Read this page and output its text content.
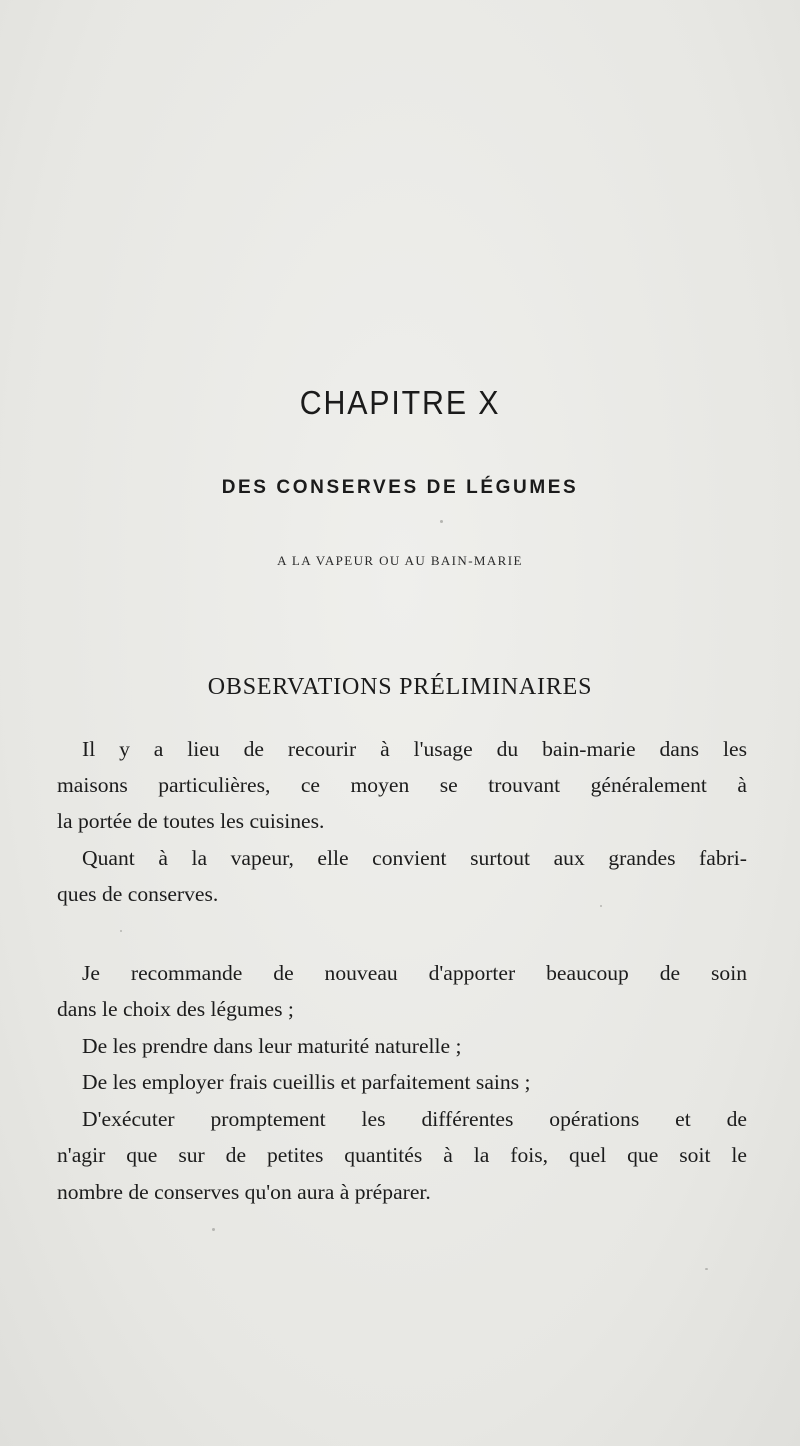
CHAPITRE X
DES CONSERVES DE LÉGUMES
A LA VAPEUR OU AU BAIN-MARIE
OBSERVATIONS PRÉLIMINAIRES
Il y a lieu de recourir à l'usage du bain-marie dans les
maisons particulières, ce moyen se trouvant généralement à
la portée de toutes les cuisines.
Quant à la vapeur, elle convient surtout aux grandes fabri-
ques de conserves.
Je recommande de nouveau d'apporter beaucoup de soin
dans le choix des légumes ;
De les prendre dans leur maturité naturelle ;
De les employer frais cueillis et parfaitement sains ;
D'exécuter promptement les différentes opérations et de
n'agir que sur de petites quantités à la fois, quel que soit le
nombre de conserves qu'on aura à préparer.
